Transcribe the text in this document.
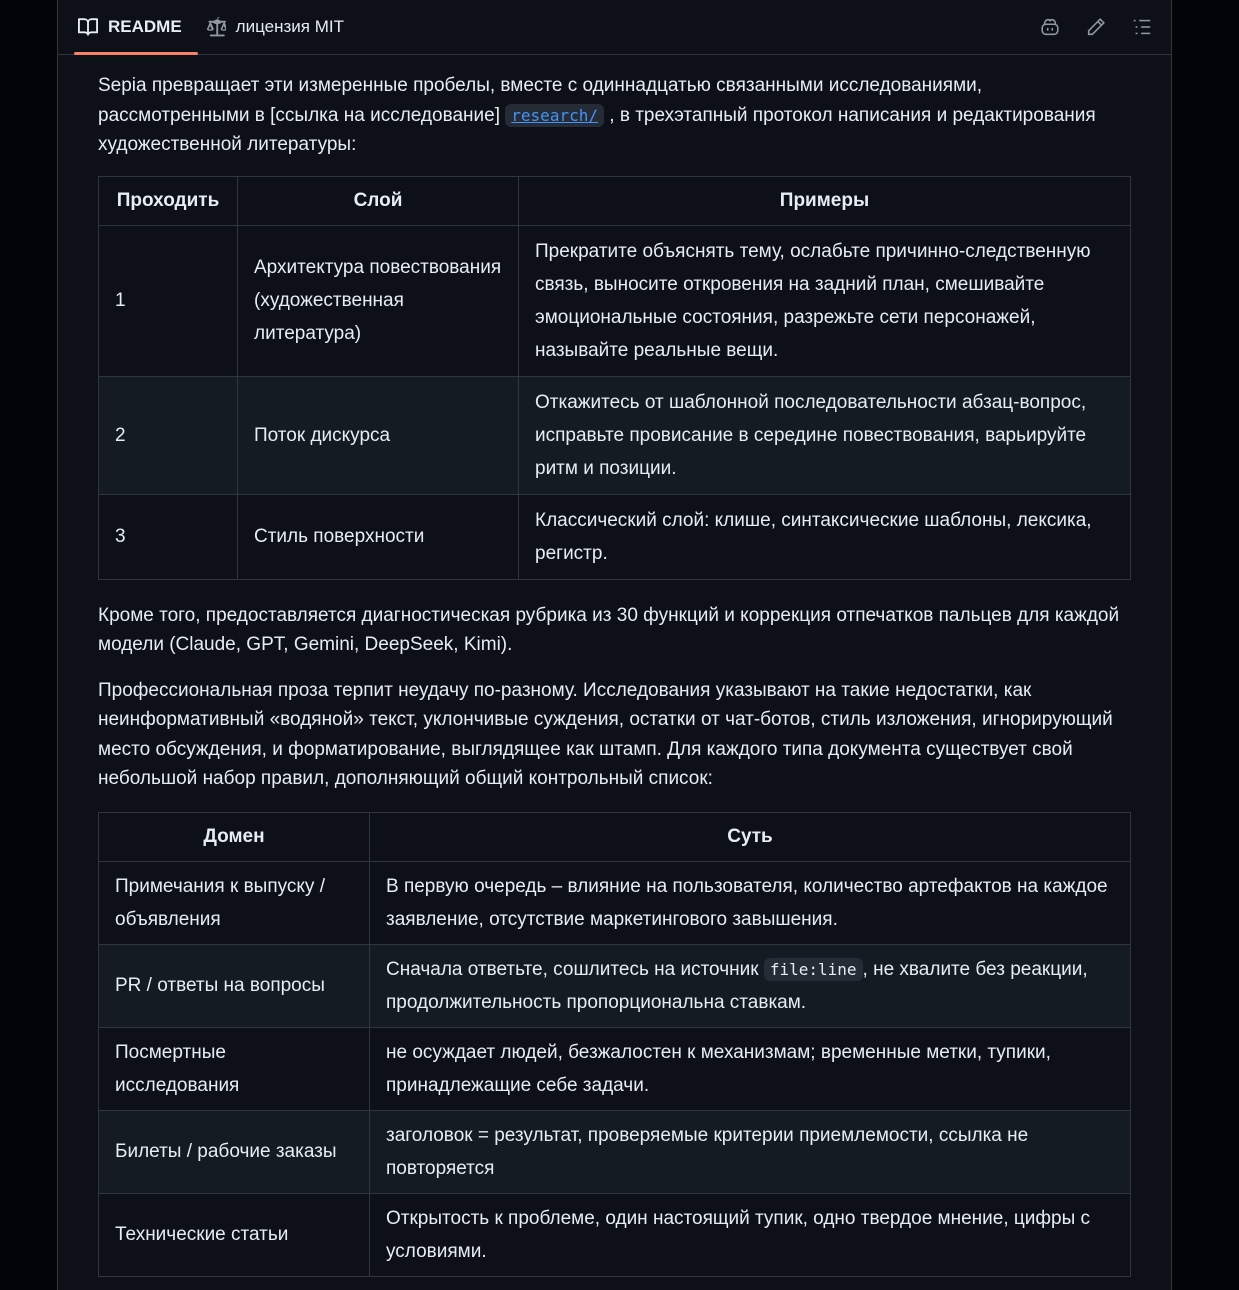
README	лицензия MIT

Sepia превращает эти измеренные пробелы, вместе с одиннадцатью связанными исследованиями, рассмотренными в [ссылка на исследование] research/ , в трехэтапный протокол написания и редактирования художественной литературы:

Проходить	Слой	Примеры
1	Архитектура повествования (художественная литература)	Прекратите объяснять тему, ослабьте причинно-следственную связь, выносите откровения на задний план, смешивайте эмоциональные состояния, разрежьте сети персонажей, называйте реальные вещи.
2	Поток дискурса	Откажитесь от шаблонной последовательности абзац-вопрос, исправьте провисание в середине повествования, варьируйте ритм и позиции.
3	Стиль поверхности	Классический слой: клише, синтаксические шаблоны, лексика, регистр.

Кроме того, предоставляется диагностическая рубрика из 30 функций и коррекция отпечатков пальцев для каждой модели (Claude, GPT, Gemini, DeepSeek, Kimi).

Профессиональная проза терпит неудачу по-разному. Исследования указывают на такие недостатки, как неинформативный «водяной» текст, уклончивые суждения, остатки от чат-ботов, стиль изложения, игнорирующий место обсуждения, и форматирование, выглядящее как штамп. Для каждого типа документа существует свой небольшой набор правил, дополняющий общий контрольный список:

Домен	Суть
Примечания к выпуску / объявления	В первую очередь – влияние на пользователя, количество артефактов на каждое заявление, отсутствие маркетингового завышения.
PR / ответы на вопросы	Сначала ответьте, сошлитесь на источник file:line , не хвалите без реакции, продолжительность пропорциональна ставкам.
Посмертные исследования	не осуждает людей, безжалостен к механизмам; временные метки, тупики, принадлежащие себе задачи.
Билеты / рабочие заказы	заголовок = результат, проверяемые критерии приемлемости, ссылка не повторяется
Технические статьи	Открытость к проблеме, один настоящий тупик, одно твердое мнение, цифры с условиями.
